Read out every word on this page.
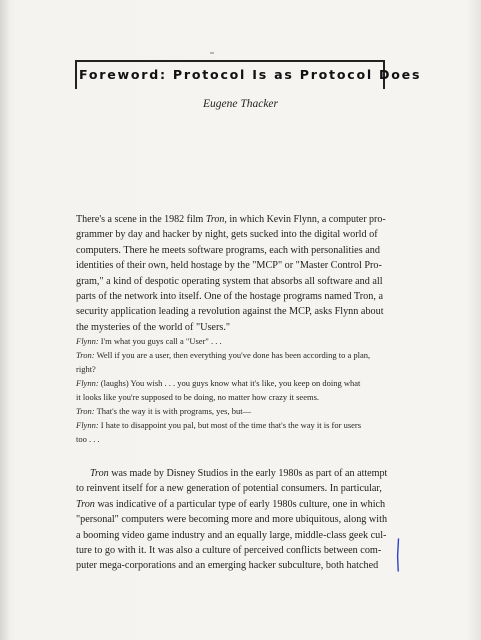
Foreword: Protocol Is as Protocol Does
Eugene Thacker
There's a scene in the 1982 film Tron, in which Kevin Flynn, a computer pro-
grammer by day and hacker by night, gets sucked into the digital world of
computers. There he meets software programs, each with personalities and
identities of their own, held hostage by the "MCP" or "Master Control Pro-
gram," a kind of despotic operating system that absorbs all software and all
parts of the network into itself. One of the hostage programs named Tron, a
security application leading a revolution against the MCP, asks Flynn about
the mysteries of the world of "Users."
Flynn: I'm what you guys call a "User" . . .
Tron: Well if you are a user, then everything you've done has been according to a plan,
right?
Flynn: (laughs) You wish . . . you guys know what it's like, you keep on doing what
it looks like you're supposed to be doing, no matter how crazy it seems.
Tron: That's the way it is with programs, yes, but—
Flynn: I hate to disappoint you pal, but most of the time that's the way it is for users
too . . .
Tron was made by Disney Studios in the early 1980s as part of an attempt
to reinvent itself for a new generation of potential consumers. In particular,
Tron was indicative of a particular type of early 1980s culture, one in which
"personal" computers were becoming more and more ubiquitous, along with
a booming video game industry and an equally large, middle-class geek cul-
ture to go with it. It was also a culture of perceived conflicts between com-
puter mega-corporations and an emerging hacker subculture, both hatched
